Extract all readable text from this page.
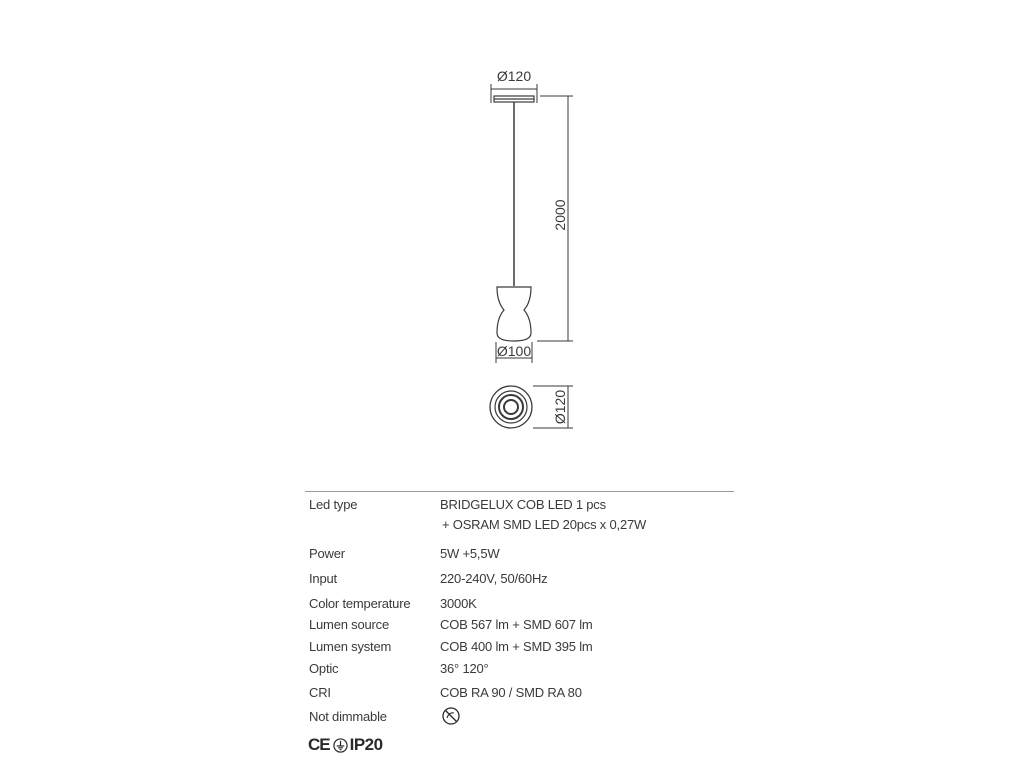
Ø120
2000
Ø100
Ø120
Led type	BRIDGELUX COB LED 1 pcs
+ OSRAM SMD LED 20pcs x 0,27W
Power	5W +5,5W
Input	220-240V, 50/60Hz
Color temperature 3000K
Lumen source	COB 567 lm + SMD 607 lm
Lumen system	COB 400 lm + SMD 395 lm
Optic	36° 120°
CRI	COB RA 90 / SMD RA 80
Not dimmable
CE IP20
